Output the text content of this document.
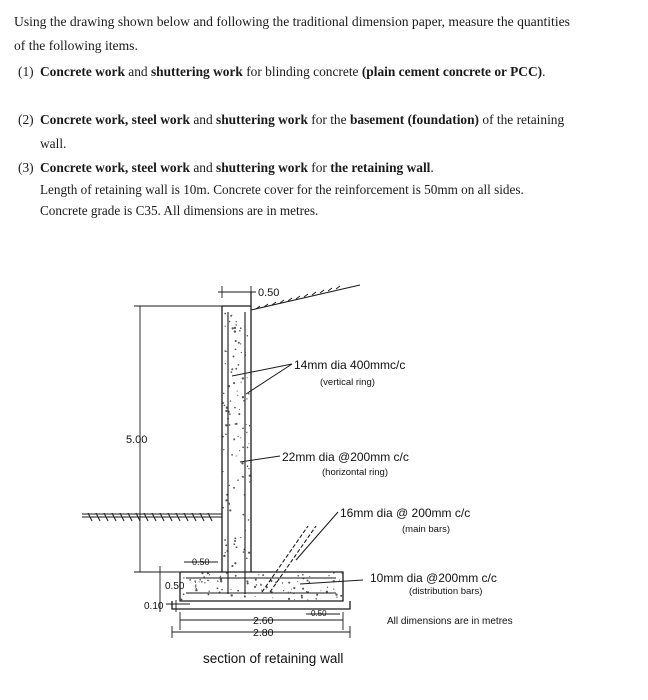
Using the drawing shown below and following the traditional dimension paper, measure the quantities of the following items.
(1) Concrete work and shuttering work for blinding concrete (plain cement concrete or PCC).
(2) Concrete work, steel work and shuttering work for the basement (foundation) of the retaining wall.
(3) Concrete work, steel work and shuttering work for the retaining wall.
Length of retaining wall is 10m. Concrete cover for the reinforcement is 50mm on all sides.
Concrete grade is C35. All dimensions are in metres.
0.50
5.00
0.50
0.50
0.10
0.50
2.60
2.80
14mm dia 400mmc/c
(vertical ring)
22mm dia @200mm c/c
(horizontal ring)
16mm dia @ 200mm c/c
(main bars)
10mm dia @200mm c/c
(distribution bars)
All dimensions are in metres
section of retaining wall
